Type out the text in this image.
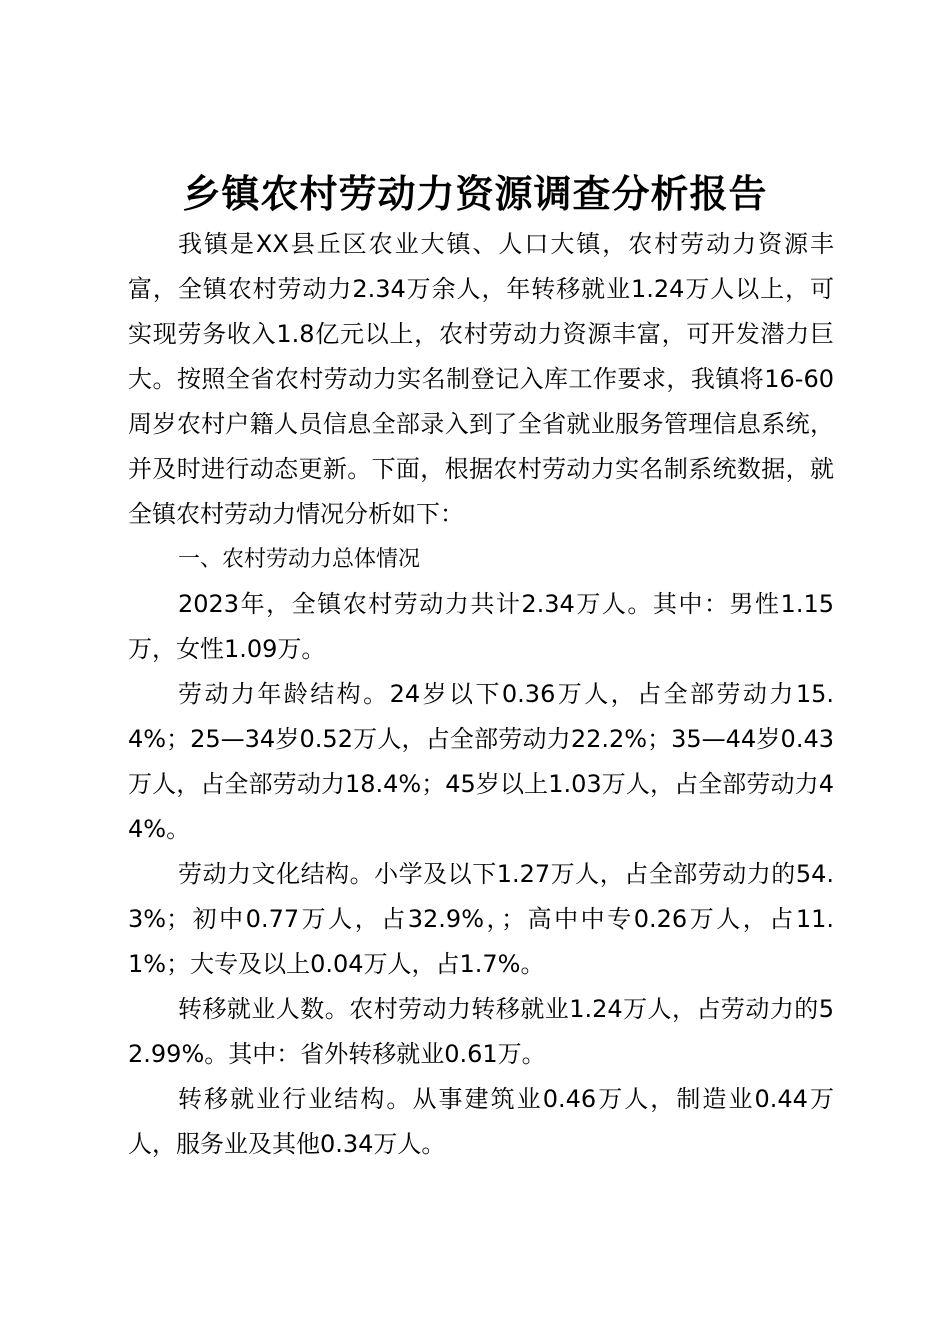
乡镇农村劳动力资源调查分析报告

我镇是XX县丘区农业大镇、人口大镇，农村劳动力资源丰富，全镇农村劳动力2.34万余人，年转移就业1.24万人以上，可实现劳务收入1.8亿元以上，农村劳动力资源丰富，可开发潜力巨大。按照全省农村劳动力实名制登记入库工作要求，我镇将16-60周岁农村户籍人员信息全部录入到了全省就业服务管理信息系统，并及时进行动态更新。下面，根据农村劳动力实名制系统数据，就全镇农村劳动力情况分析如下：

一、农村劳动力总体情况

2023年，全镇农村劳动力共计2.34万人。其中：男性1.15万，女性1.09万。

劳动力年龄结构。24岁以下0.36万人，占全部劳动力15.4%；25—34岁0.52万人，占全部劳动力22.2%；35—44岁0.43万人，占全部劳动力18.4%；45岁以上1.03万人，占全部劳动力44%。

劳动力文化结构。小学及以下1.27万人，占全部劳动力的54.3%；初中0.77万人，占32.9%，；高中中专0.26万人，占11.1%；大专及以上0.04万人，占1.7%。

转移就业人数。农村劳动力转移就业1.24万人，占劳动力的52.99%。其中：省外转移就业0.61万。

转移就业行业结构。从事建筑业0.46万人，制造业0.44万人，服务业及其他0.34万人。
